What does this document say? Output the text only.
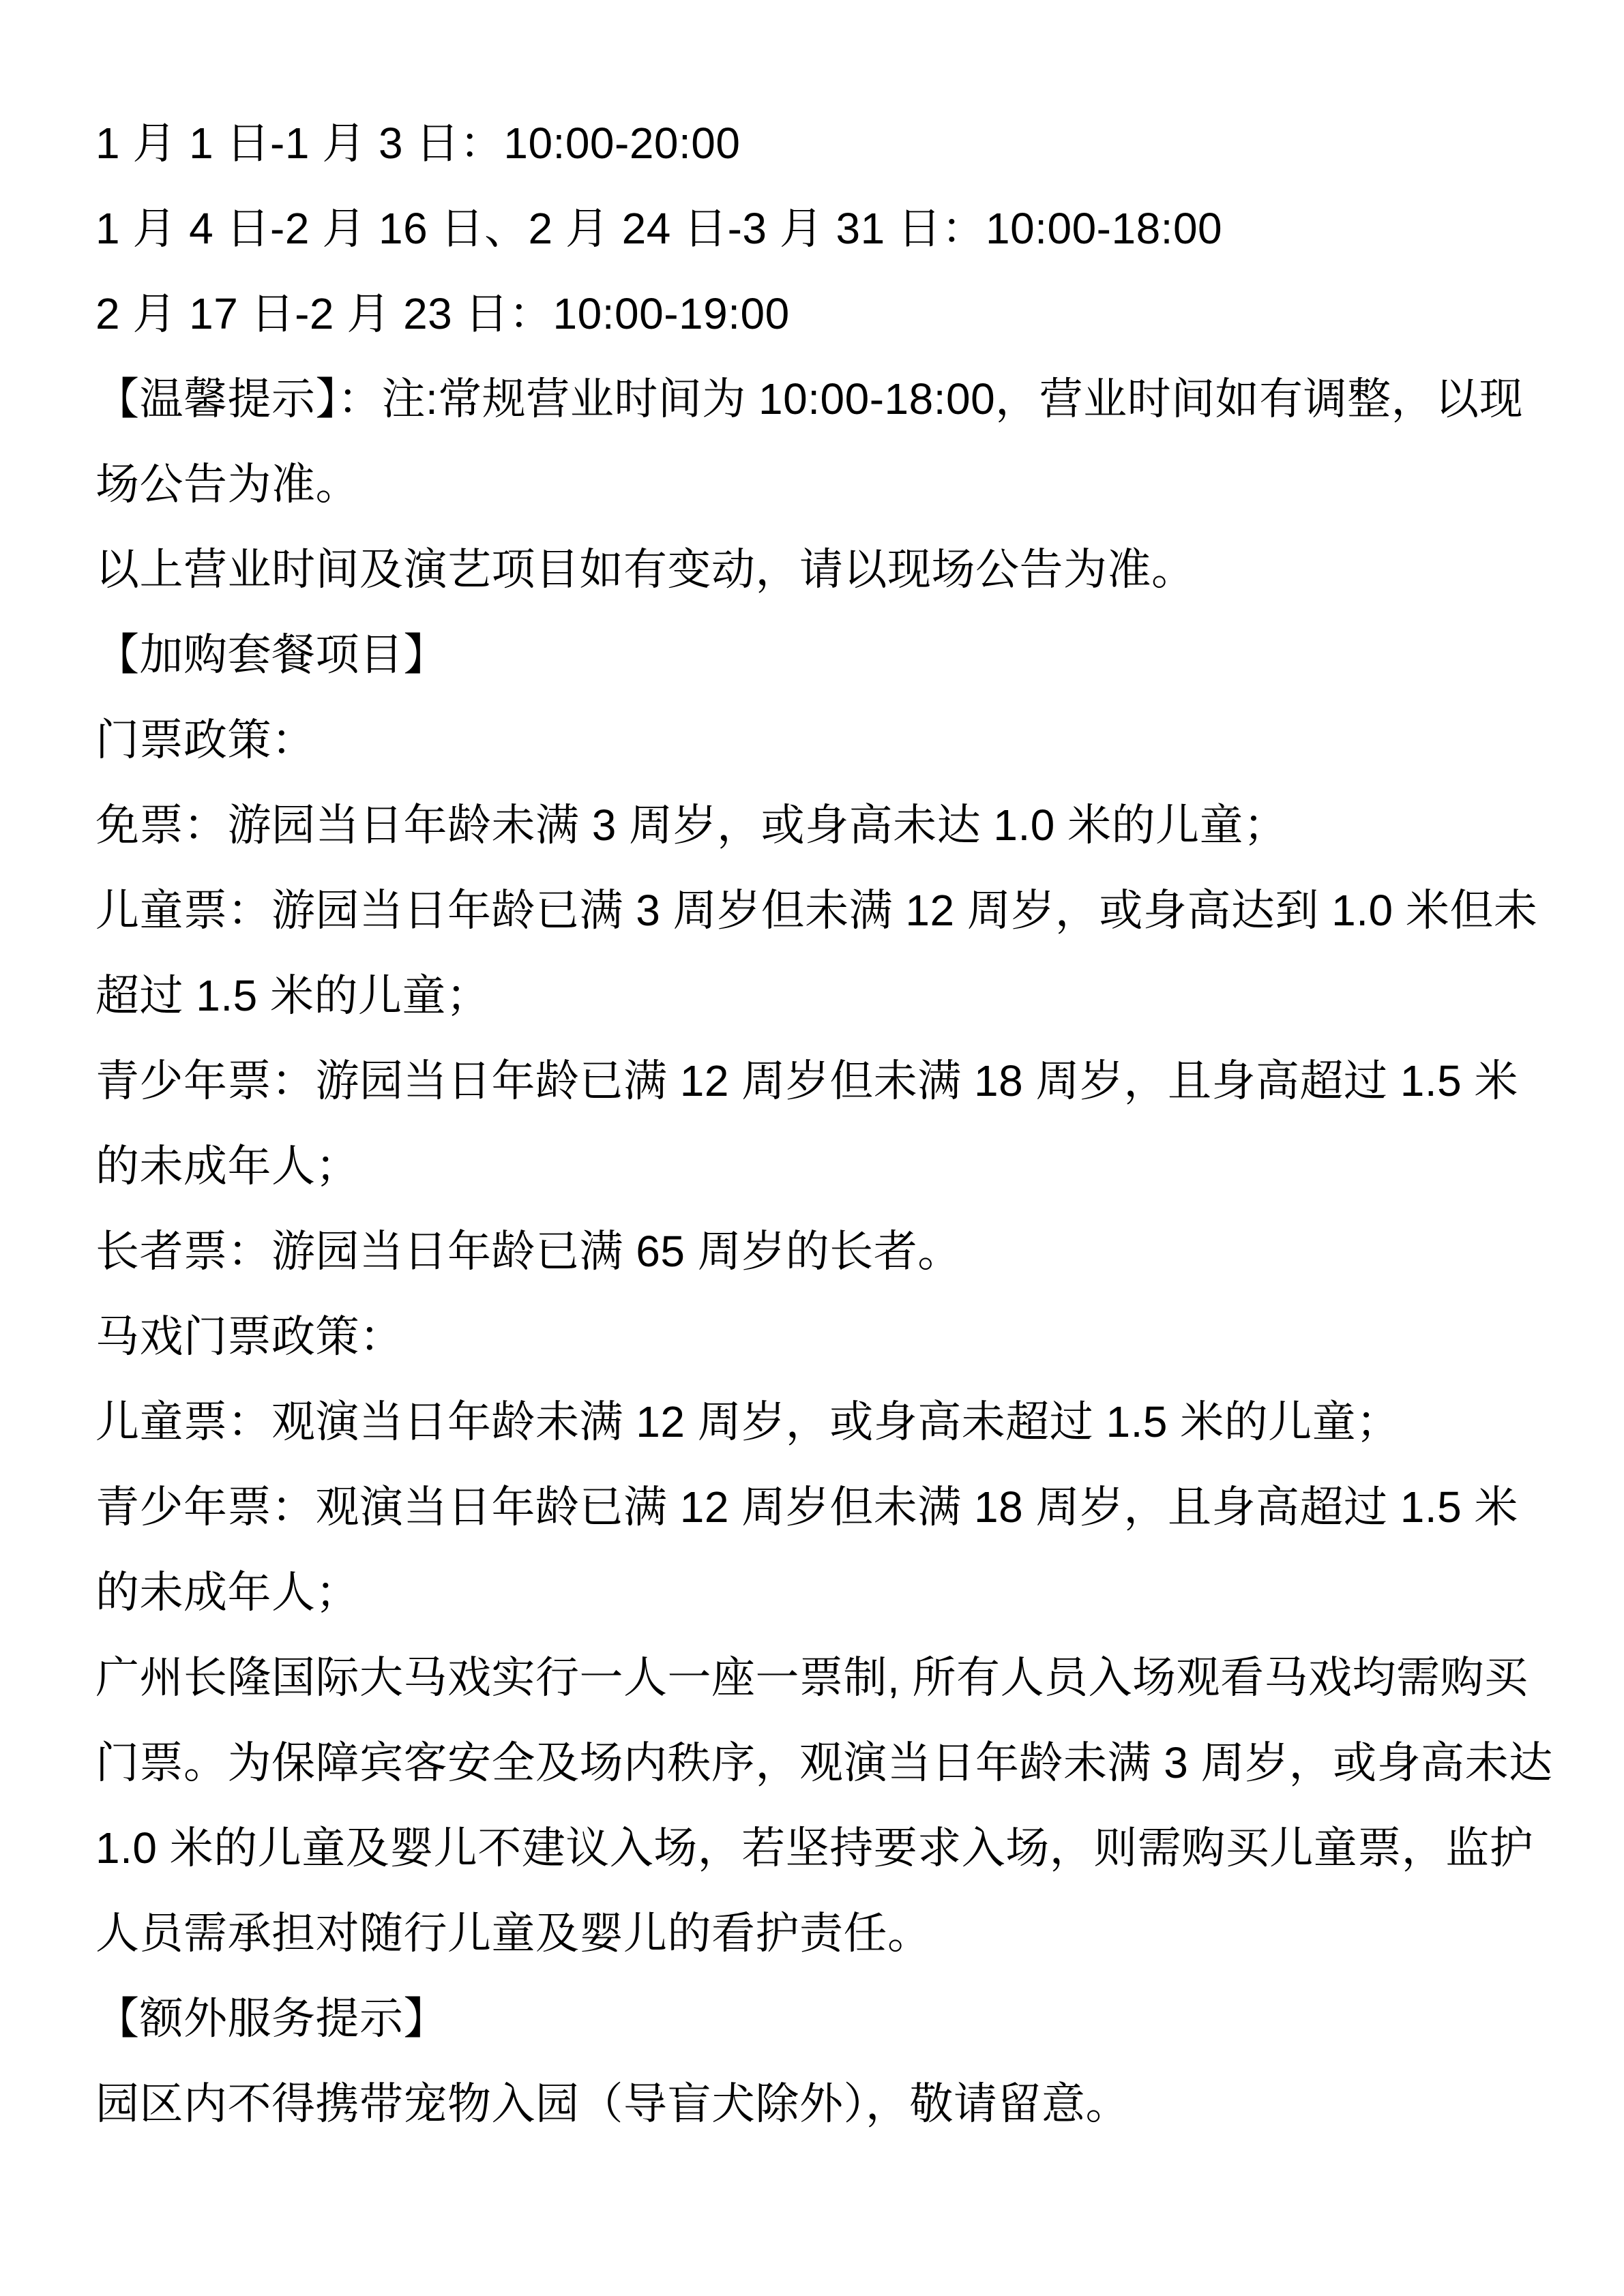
1 月 1 日-1 月 3 日：10:00-20:00
1 月 4 日-2 月 16 日、2 月 24 日-3 月 31 日：10:00-18:00
2 月 17 日-2 月 23 日：10:00-19:00
【温馨提示】：注:常规营业时间为 10:00-18:00，营业时间如有调整，以现
场公告为准。
以上营业时间及演艺项目如有变动，请以现场公告为准。
【加购套餐项目】
门票政策：
免票：游园当日年龄未满 3 周岁，或身高未达 1.0 米的儿童；
儿童票：游园当日年龄已满 3 周岁但未满 12 周岁，或身高达到 1.0 米但未
超过 1.5 米的儿童；
青少年票：游园当日年龄已满 12 周岁但未满 18 周岁，且身高超过 1.5 米
的未成年人；
长者票：游园当日年龄已满 65 周岁的长者。
马戏门票政策：
儿童票：观演当日年龄未满 12 周岁，或身高未超过 1.5 米的儿童；
青少年票：观演当日年龄已满 12 周岁但未满 18 周岁，且身高超过 1.5 米
的未成年人；
广州长隆国际大马戏实行一人一座一票制, 所有人员入场观看马戏均需购买
门票。为保障宾客安全及场内秩序，观演当日年龄未满 3 周岁，或身高未达
1.0 米的儿童及婴儿不建议入场，若坚持要求入场，则需购买儿童票，监护
人员需承担对随行儿童及婴儿的看护责任。
【额外服务提示】
园区内不得携带宠物入园（导盲犬除外），敬请留意。
